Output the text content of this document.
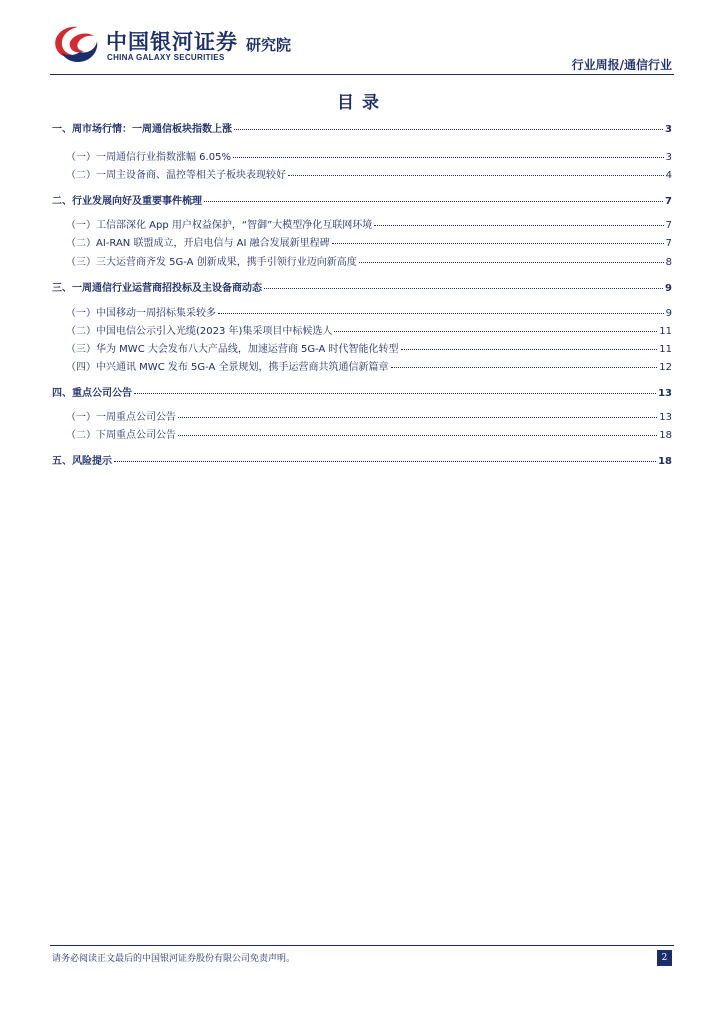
中国银河证券 研究院
CHINA GALAXY SECURITIES
行业周报/通信行业
目录
一、周市场行情：一周通信板块指数上涨	3
（一）一周通信行业指数涨幅 6.05%	3
（二）一周主设备商、温控等相关子板块表现较好	4
二、行业发展向好及重要事件梳理	7
（一）工信部深化 App 用户权益保护，“智御”大模型净化互联网环境	7
（二）AI-RAN 联盟成立，开启电信与 AI 融合发展新里程碑	7
（三）三大运营商齐发 5G-A 创新成果，携手引领行业迈向新高度	8
三、一周通信行业运营商招投标及主设备商动态	9
（一）中国移动一周招标集采较多	9
（二）中国电信公示引入光缆(2023 年)集采项目中标候选人	11
（三）华为 MWC 大会发布八大产品线，加速运营商 5G-A 时代智能化转型	11
（四）中兴通讯 MWC 发布 5G-A 全景规划，携手运营商共筑通信新篇章	12
四、重点公司公告	13
（一）一周重点公司公告	13
（二）下周重点公司公告	18
五、风险提示	18
请务必阅读正文最后的中国银河证券股份有限公司免责声明。	2
